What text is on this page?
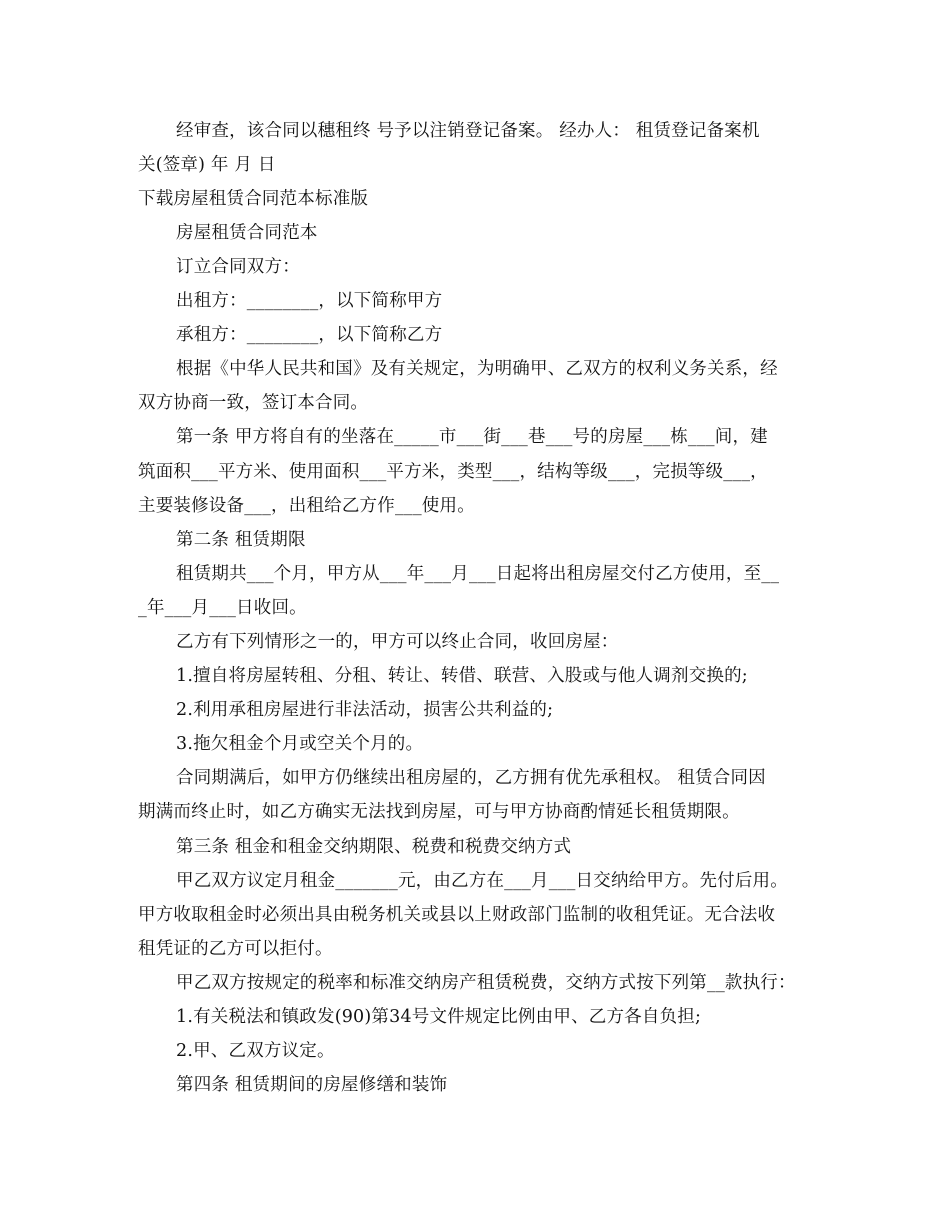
经审查，该合同以穗租终 号予以注销登记备案。 经办人： 租赁登记备案机
关(签章) 年 月 日
下载房屋租赁合同范本标准版
房屋租赁合同范本
订立合同双方：
出租方：________，以下简称甲方
承租方：________，以下简称乙方
根据《中华人民共和国》及有关规定，为明确甲、乙双方的权利义务关系，经
双方协商一致，签订本合同。
第一条 甲方将自有的坐落在_____市___街___巷___号的房屋___栋___间，建
筑面积___平方米、使用面积___平方米，类型___，结构等级___，完损等级___，
主要装修设备___，出租给乙方作___使用。
第二条 租赁期限
租赁期共___个月，甲方从___年___月___日起将出租房屋交付乙方使用，至__
_年___月___日收回。
乙方有下列情形之一的，甲方可以终止合同，收回房屋：
1.擅自将房屋转租、分租、转让、转借、联营、入股或与他人调剂交换的;
2.利用承租房屋进行非法活动，损害公共利益的;
3.拖欠租金个月或空关个月的。
合同期满后，如甲方仍继续出租房屋的，乙方拥有优先承租权。 租赁合同因
期满而终止时，如乙方确实无法找到房屋，可与甲方协商酌情延长租赁期限。
第三条 租金和租金交纳期限、税费和税费交纳方式
甲乙双方议定月租金_______元，由乙方在___月___日交纳给甲方。先付后用。
甲方收取租金时必须出具由税务机关或县以上财政部门监制的收租凭证。无合法收
租凭证的乙方可以拒付。
甲乙双方按规定的税率和标准交纳房产租赁税费，交纳方式按下列第__款执行：
1.有关税法和镇政发(90)第34号文件规定比例由甲、乙方各自负担;
2.甲、乙双方议定。
第四条 租赁期间的房屋修缮和装饰
